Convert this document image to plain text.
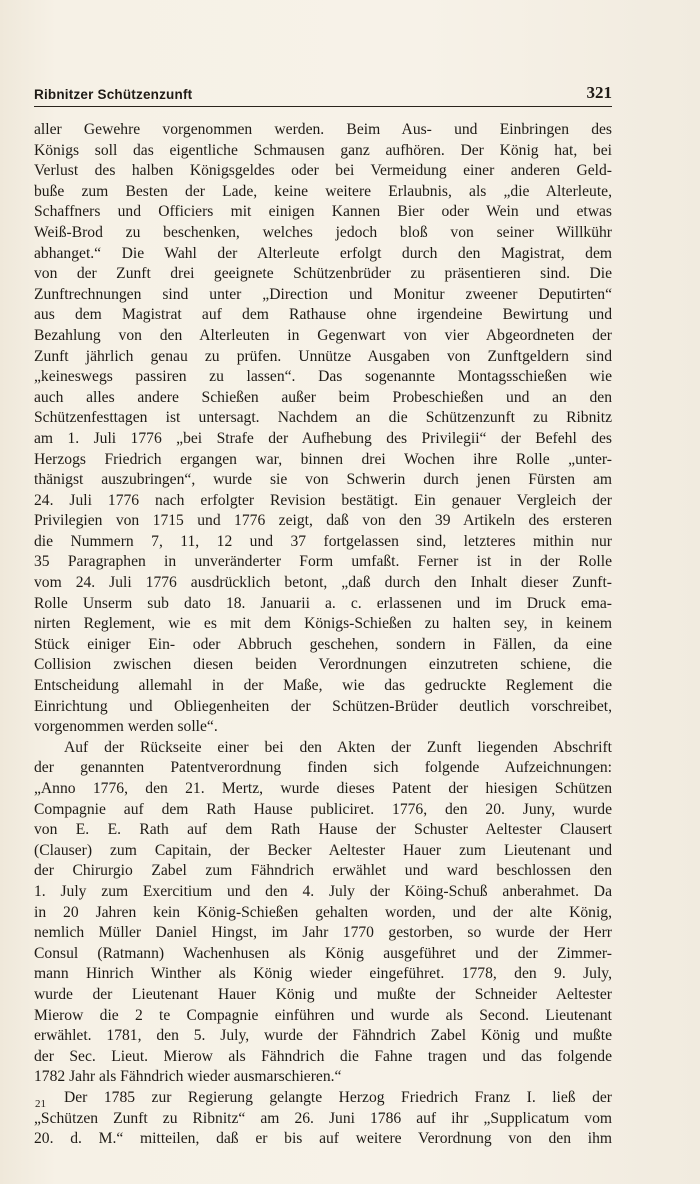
Ribnitzer Schützenzunft	321

aller Gewehre vorgenommen werden. Beim Aus- und Einbringen des
Königs soll das eigentliche Schmausen ganz aufhören. Der König hat, bei
Verlust des halben Königsgeldes oder bei Vermeidung einer anderen Geld-
buße zum Besten der Lade, keine weitere Erlaubnis, als „die Alterleute,
Schaffners und Officiers mit einigen Kannen Bier oder Wein und etwas
Weiß-Brod zu beschenken, welches jedoch bloß von seiner Willkühr
abhanget.“ Die Wahl der Alterleute erfolgt durch den Magistrat, dem
von der Zunft drei geeignete Schützenbrüder zu präsentieren sind. Die
Zunftrechnungen sind unter „Direction und Monitur zweener Deputirten“
aus dem Magistrat auf dem Rathause ohne irgendeine Bewirtung und
Bezahlung von den Alterleuten in Gegenwart von vier Abgeordneten der
Zunft jährlich genau zu prüfen. Unnütze Ausgaben von Zunftgeldern sind
„keineswegs passiren zu lassen“. Das sogenannte Montagsschießen wie
auch alles andere Schießen außer beim Probeschießen und an den
Schützenfesttagen ist untersagt. Nachdem an die Schützenzunft zu Ribnitz
am 1. Juli 1776 „bei Strafe der Aufhebung des Privilegii“ der Befehl des
Herzogs Friedrich ergangen war, binnen drei Wochen ihre Rolle „unter-
thänigst auszubringen“, wurde sie von Schwerin durch jenen Fürsten am
24. Juli 1776 nach erfolgter Revision bestätigt. Ein genauer Vergleich der
Privilegien von 1715 und 1776 zeigt, daß von den 39 Artikeln des ersteren
die Nummern 7, 11, 12 und 37 fortgelassen sind, letzteres mithin nur
35 Paragraphen in unveränderter Form umfaßt. Ferner ist in der Rolle
vom 24. Juli 1776 ausdrücklich betont, „daß durch den Inhalt dieser Zunft-
Rolle Unserm sub dato 18. Januarii a. c. erlassenen und im Druck ema-
nirten Reglement, wie es mit dem Königs-Schießen zu halten sey, in keinem
Stück einiger Ein- oder Abbruch geschehen, sondern in Fällen, da eine
Collision zwischen diesen beiden Verordnungen einzutreten schiene, die
Entscheidung allemahl in der Maße, wie das gedruckte Reglement die
Einrichtung und Obliegenheiten der Schützen-Brüder deutlich vorschreibet,
vorgenommen werden solle“.

Auf der Rückseite einer bei den Akten der Zunft liegenden Abschrift
der genannten Patentverordnung finden sich folgende Aufzeichnungen:
„Anno 1776, den 21. Mertz, wurde dieses Patent der hiesigen Schützen
Compagnie auf dem Rath Hause publiciret. 1776, den 20. Juny, wurde
von E. E. Rath auf dem Rath Hause der Schuster Aeltester Clausert
(Clauser) zum Capitain, der Becker Aeltester Hauer zum Lieutenant und
der Chirurgio Zabel zum Fähndrich erwählet und ward beschlossen den
1. July zum Exercitium und den 4. July der Köing-Schuß anberahmet. Da
in 20 Jahren kein König-Schießen gehalten worden, und der alte König,
nemlich Müller Daniel Hingst, im Jahr 1770 gestorben, so wurde der Herr
Consul (Ratmann) Wachenhusen als König ausgeführet und der Zimmer-
mann Hinrich Winther als König wieder eingeführet. 1778, den 9. July,
wurde der Lieutenant Hauer König und mußte der Schneider Aeltester
Mierow die 2 te Compagnie einführen und wurde als Second. Lieutenant
erwählet. 1781, den 5. July, wurde der Fähndrich Zabel König und mußte
der Sec. Lieut. Mierow als Fähndrich die Fahne tragen und das folgende
1782 Jahr als Fähndrich wieder ausmarschieren.“

Der 1785 zur Regierung gelangte Herzog Friedrich Franz I. ließ der
„Schützen Zunft zu Ribnitz“ am 26. Juni 1786 auf ihr „Supplicatum vom
20. d. M.“ mitteilen, daß er bis auf weitere Verordnung von den ihm

21
